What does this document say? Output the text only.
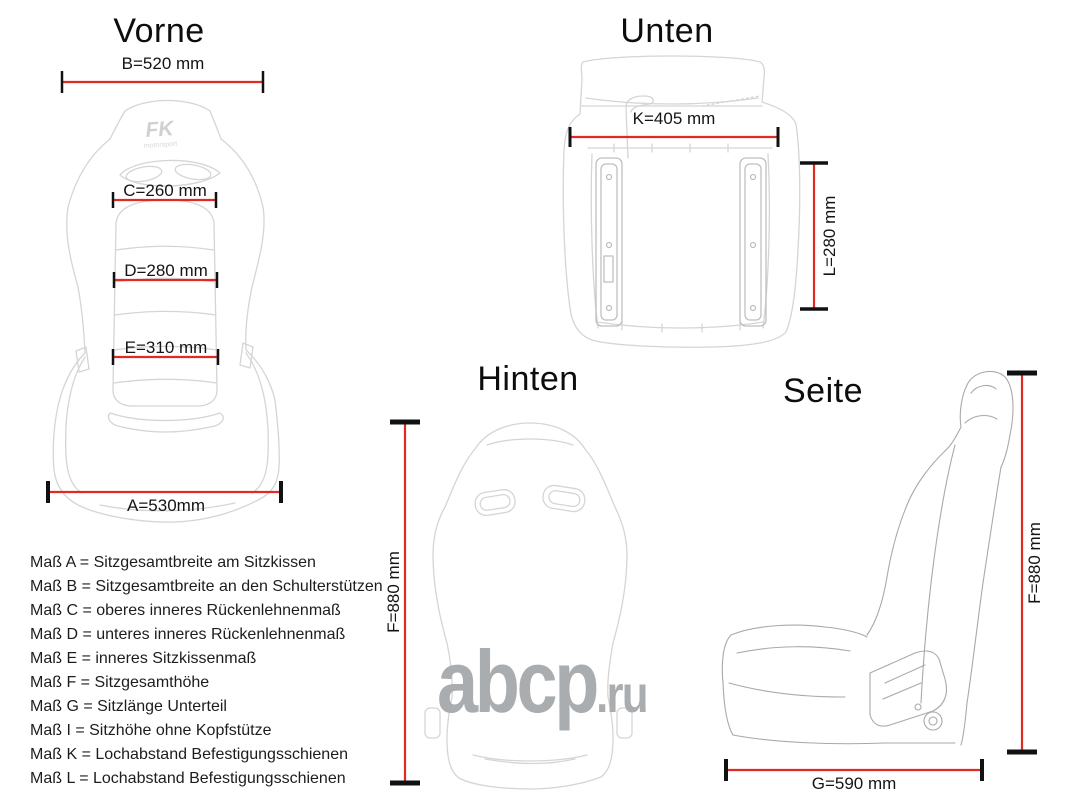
Vorne	Unten
Hinten	Seite
FK
motorsport
abcp.ru
B=520 mm
C=260 mm
D=280 mm
E=310 mm
A=530mm
K=405 mm
G=590 mm
L=280 mm
F=880 mm	F=880 mm
Maß A = Sitzgesamtbreite am Sitzkissen
Maß B = Sitzgesamtbreite an den Schulterstützen
Maß C = oberes inneres Rückenlehnenmaß
Maß D = unteres inneres Rückenlehnenmaß
Maß E = inneres Sitzkissenmaß
Maß F = Sitzgesamthöhe
Maß G = Sitzlänge Unterteil
Maß I = Sitzhöhe ohne Kopfstütze
Maß K = Lochabstand Befestigungsschienen
Maß L = Lochabstand Befestigungsschienen
